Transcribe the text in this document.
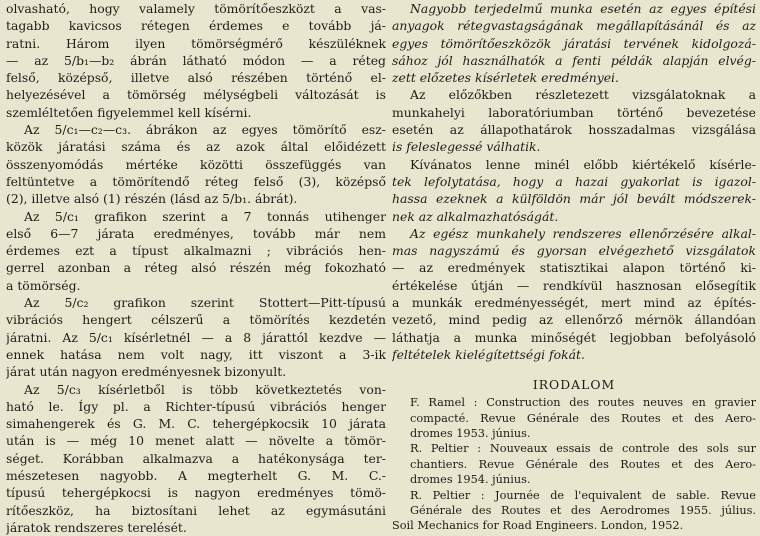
olvasható, hogy valamely tömörítőeszközt a vas-
tagabb kavicsos rétegen érdemes e tovább já-
ratni. Három ilyen tömörségmérő készüléknek
— az 5/b₁—b₂ ábrán látható módon — a réteg
felső, középső, illetve alsó részében történő el-
helyezésével a tömörség mélységbeli változását is
szemléltetően figyelemmel kell kísérni.
Az 5/c₁—c₂—c₃. ábrákon az egyes tömörítő esz-
közök járatási száma és az azok által előidézett
összenyomódás mértéke közötti összefüggés van
feltüntetve a tömörítendő réteg felső (3), középső
(2), illetve alsó (1) részén (lásd az 5/b₁. ábrát).
Az 5/c₁ grafikon szerint a 7 tonnás utihenger
első 6—7 járata eredményes, tovább már nem
érdemes ezt a típust alkalmazni ; vibrációs hen-
gerrel azonban a réteg alsó részén még fokozható
a tömörség.
Az 5/c₂ grafikon szerint Stottert—Pitt-típusú
vibrációs hengert célszerű a tömörítés kezdetén
járatni. Az 5/c₁ kísérletnél — a 8 járattól kezdve —
ennek hatása nem volt nagy, itt viszont a 3-ik
járat után nagyon eredményesnek bizonyult.
Az 5/c₃ kísérletből is több következtetés von-
ható le. Így pl. a Richter-típusú vibrációs henger
simahengerek és G. M. C. tehergépkocsik 10 járata
után is — még 10 menet alatt — növelte a tömör-
séget. Korábban alkalmazva a hatékonysága ter-
mészetesen nagyobb. A megterhelt G. M. C.-
típusú tehergépkocsi is nagyon eredményes tömö-
rítőeszköz, ha biztosítani lehet az egymásutáni
járatok rendszeres terelését.
Nagyobb terjedelmű munka esetén az egyes építési
anyagok rétegvastagságának megállapításánál és az
egyes tömörítőeszközök járatási tervének kidolgozá-
sához jól használhatók a fenti példák alapján elvég-
zett előzetes kísérletek eredményei.
Az előzőkben részletezett vizsgálatoknak a
munkahelyi laboratóriumban történő bevezetése
esetén az állapothatárok hosszadalmas vizsgálása
is feleslegessé válhatik.
Kívánatos lenne minél előbb kiértékelő kísérle-
tek lefolytatása, hogy a hazai gyakorlat is igazol-
hassa ezeknek a külföldön már jól bevált módszerek-
nek az alkalmazhatóságát.
Az egész munkahely rendszeres ellenőrzésére alkal-
mas nagyszámú és gyorsan elvégezhető vizsgálatok
— az eredmények statisztikai alapon történő ki-
értékelése útján — rendkívül hasznosan elősegítik
a munkák eredményességét, mert mind az építés-
vezető, mind pedig az ellenőrző mérnök állandóan
láthatja a munka minőségét legjobban befolyásoló
feltételek kielégítettségi fokát.
IRODALOM
F. Ramel : Construction des routes neuves en gravier
compacté. Revue Générale des Routes et des Aero-
dromes 1953. június.
R. Peltier : Nouveaux essais de controle des sols sur
chantiers. Revue Générale des Routes et des Aero-
dromes 1954. június.
R. Peltier : Journée de l'equivalent de sable. Revue
Générale des Routes et des Aerodromes 1955. július.
Soil Mechanics for Road Engineers. London, 1952.
